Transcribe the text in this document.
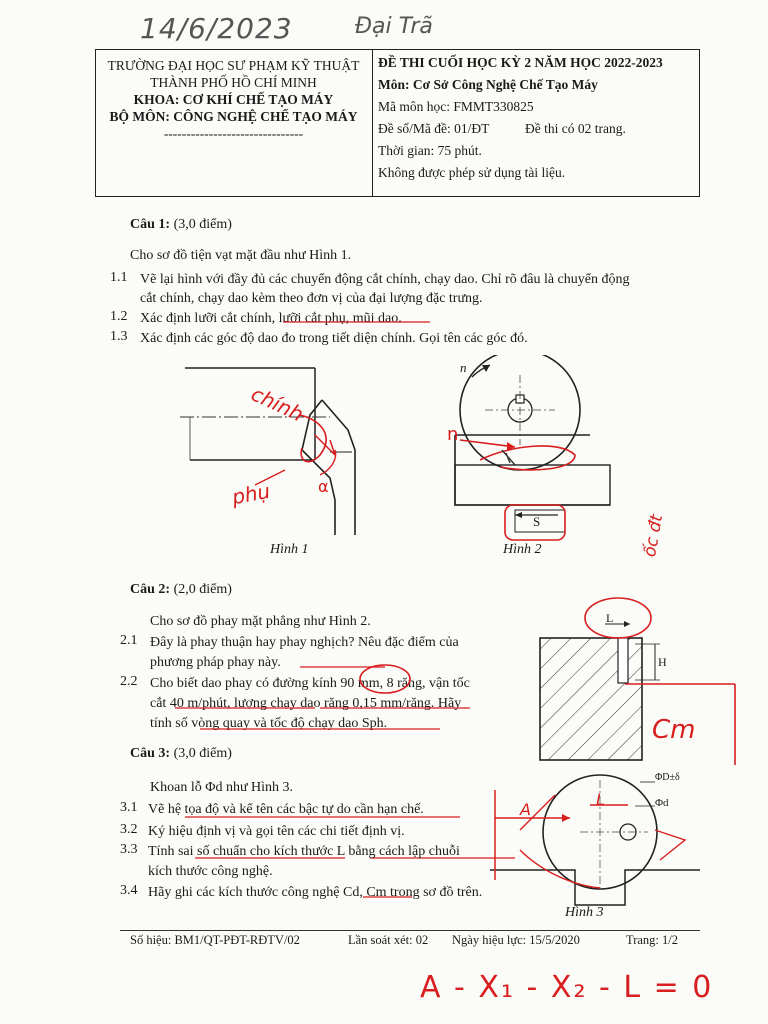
14/6/2023	Đại Trã
TRƯỜNG ĐẠI HỌC SƯ PHẠM KỸ THUẬT
THÀNH PHỐ HỒ CHÍ MINH
KHOA: CƠ KHÍ CHẾ TẠO MÁY
BỘ MÔN: CÔNG NGHỆ CHẾ TẠO MÁY
-------------------------------
ĐỀ THI CUỐI HỌC KỲ 2 NĂM HỌC 2022-2023
Môn: Cơ Sở Công Nghệ Chế Tạo Máy
Mã môn học: FMMT330825
Đề số/Mã đề: 01/ĐT	Đề thi có 02 trang.
Thời gian: 75 phút.
Không được phép sử dụng tài liệu.
Câu 1: (3,0 điểm)
Cho sơ đồ tiện vạt mặt đầu như Hình 1.
1.1 Vẽ lại hình với đầy đủ các chuyển động cắt chính, chạy dao. Chỉ rõ đâu là chuyển động
cắt chính, chạy dao kèm theo đơn vị của đại lượng đặc trưng.
1.2 Xác định lưỡi cắt chính, lưỡi cắt phụ, mũi dao.
1.3 Xác định các góc độ dao đo trong tiết diện chính. Gọi tên các góc đó.
chính
phụ	α
Hình 1
n
n
S
Hình 2
Câu 2: (2,0 điểm)
Cho sơ đồ phay mặt phẳng như Hình 2.
2.1 Đây là phay thuận hay phay nghịch? Nêu đặc điểm của
phương pháp phay này.
2.2 Cho biết dao phay có đường kính 90 mm, 8 răng, vận tốc
cắt 40 m/phút, lượng chạy dao răng 0,15 mm/răng. Hãy
tính số vòng quay và tốc độ chạy dao Sph.
L
H
ốc đt
Cm
Câu 3: (3,0 điểm)
Khoan lỗ Φd như Hình 3.
3.1 Vẽ hệ tọa độ và kể tên các bậc tự do cần hạn chế.
3.2 Ký hiệu định vị và gọi tên các chi tiết định vị.
3.3 Tính sai số chuẩn cho kích thước L bằng cách lập chuỗi
kích thước công nghệ.
3.4 Hãy ghi các kích thước công nghệ Cd, Cm trong sơ đồ trên.
ΦD±δ
Φd
A
L
Hình 3
Số hiệu: BM1/QT-PĐT-RĐTV/02	Lần soát xét: 02 Ngày hiệu lực: 15/5/2020	Trang: 1/2
A - X₁ - X₂ - L = 0
